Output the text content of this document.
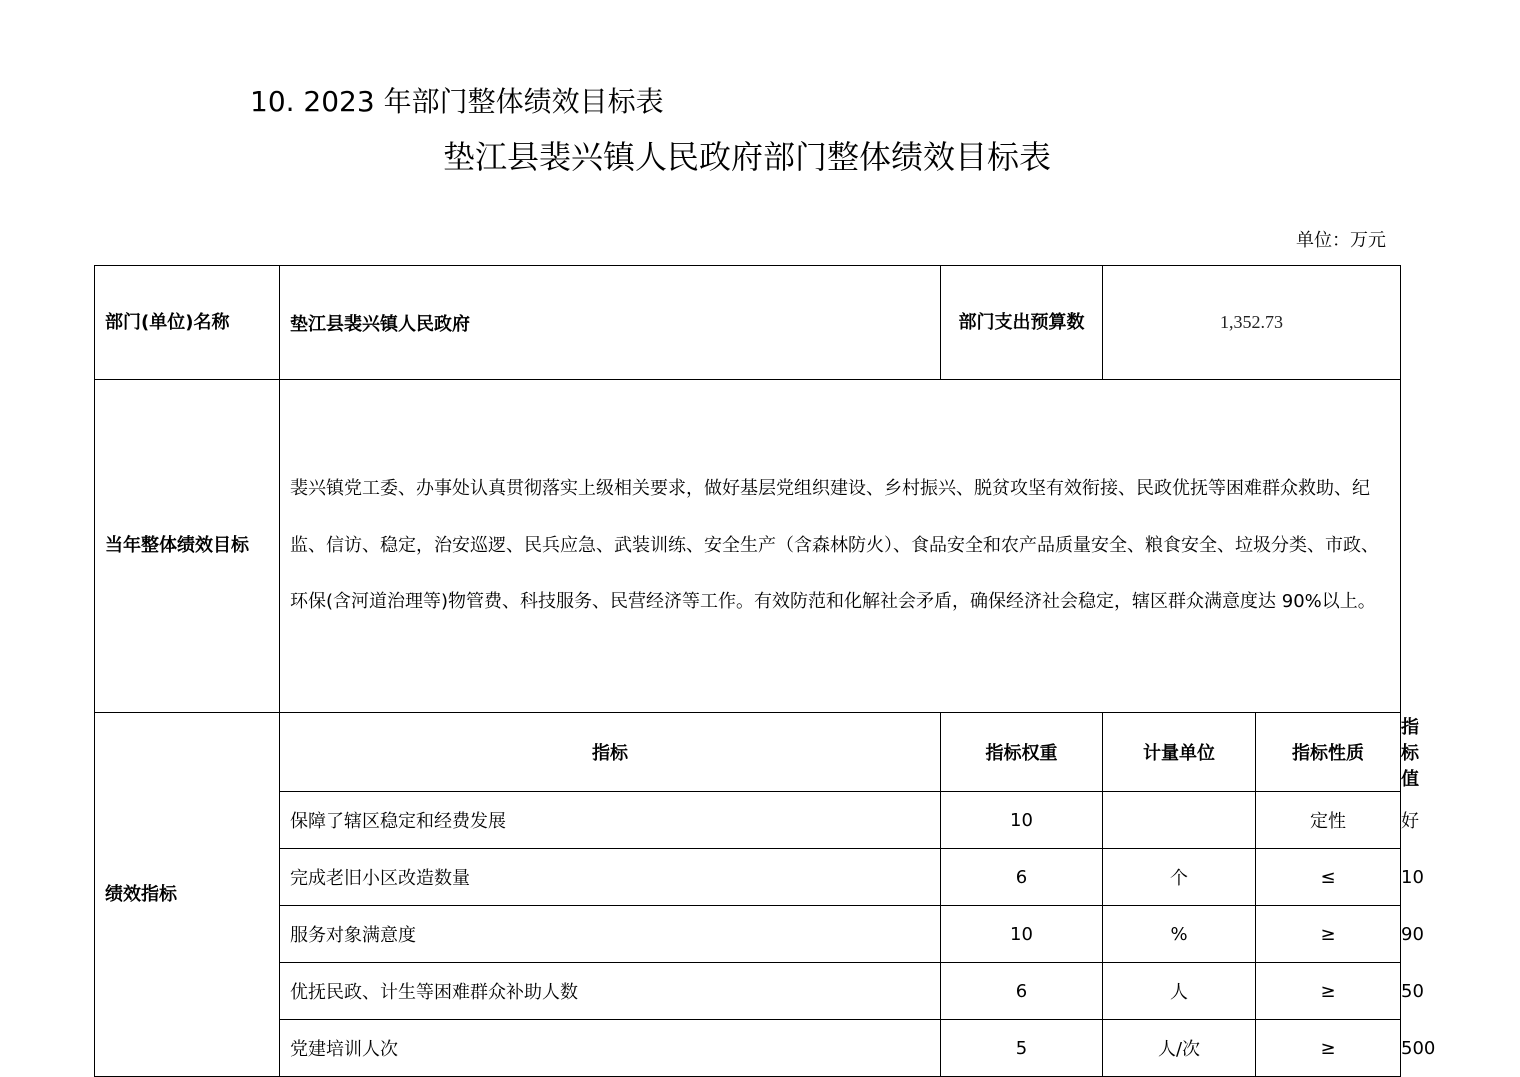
10. 2023 年部门整体绩效目标表
垫江县裴兴镇人民政府部门整体绩效目标表
单位：万元
部门(单位)名称	垫江县裴兴镇人民政府	部门支出预算数	1,352.73		
当年整体绩效目标	裴兴镇党工委、办事处认真贯彻落实上级相关要求，做好基层党组织建设、乡村振兴、脱贫攻坚有效衔接、民政优抚等困难群众救助、纪监、信访、稳定，治安巡逻、民兵应急、武装训练、安全生产（含森林防火）、食品安全和农产品质量安全、粮食安全、垃圾分类、市政、环保(含河道治理等)物管费、科技服务、民营经济等工作。有效防范和化解社会矛盾，确保经济社会稳定，辖区群众满意度达 90%以上。				
绩效指标	指标	指标权重	计量单位	指标性质	指标值
	保障了辖区稳定和经费发展	10		定性	好
	完成老旧小区改造数量	6	个	≤	10
	服务对象满意度	10	%	≥	90
	优抚民政、计生等困难群众补助人数	6	人	≥	50
	党建培训人次	5	人/次	≥	500
